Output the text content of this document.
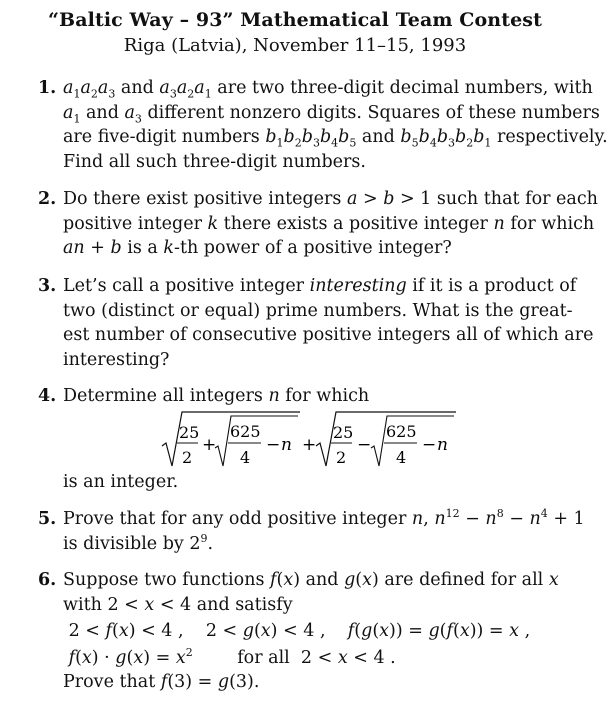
“Baltic Way – 93” Mathematical Team Contest
Riga (Latvia), November 11–15, 1993
1. $a_1a_2a_3$ and $a_3a_2a_1$ are two three-digit decimal numbers, with
$a_1$ and $a_3$ different nonzero digits. Squares of these numbers
are five-digit numbers $b_1b_2b_3b_4b_5$ and $b_5b_4b_3b_2b_1$ respectively.
Find all such three-digit numbers.
2. Do there exist positive integers a > b > 1 such that for each
positive integer k there exists a positive integer n for which
an + b is a k-th power of a positive integer?
3. Let’s call a positive integer interesting if it is a product of
two (distinct or equal) prime numbers. What is the great-
est number of consecutive positive integers all of which are
interesting?
4. Determine all integers n for which
25
2
+
625
4
− n +
25
2
−
625
4
− n
is an integer.
5. Prove that for any odd positive integer n, $n^{12} - n^8 - n^4 + 1$
is divisible by $2^9$.
6. Suppose two functions f(x) and g(x) are defined for all x
with 2 < x < 4 and satisfy
2 < f(x) < 4 ,    2 < g(x) < 4 ,    f(g(x)) = g(f(x)) = x ,
$f(x) \cdot g(x) = x^2$        for all  2 < x < 4 .
Prove that f(3) = g(3).
